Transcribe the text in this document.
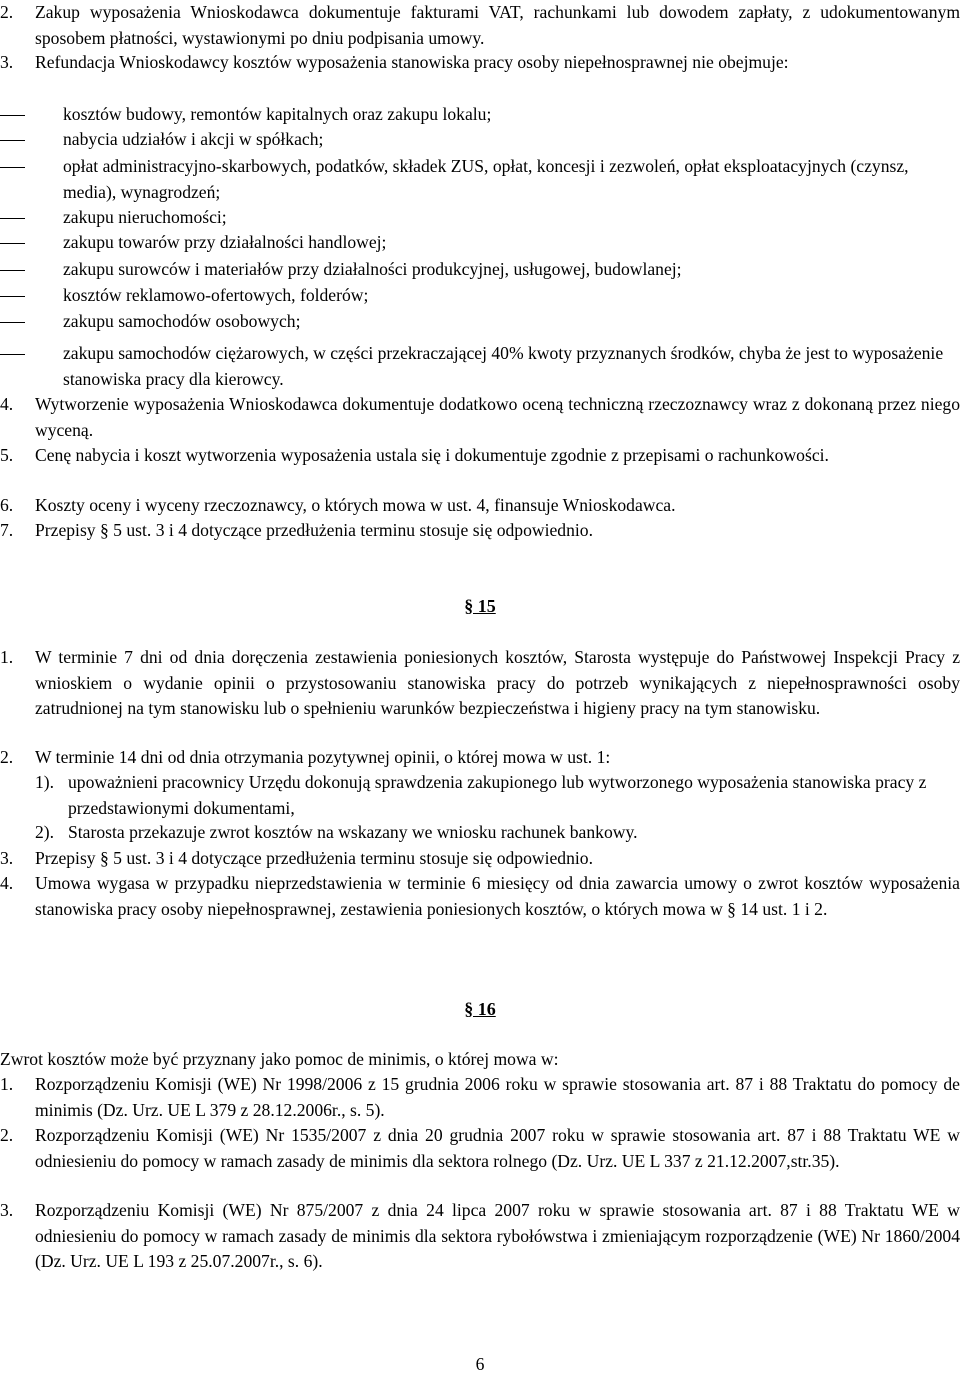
2.	Zakup wyposażenia Wnioskodawca dokumentuje fakturami VAT, rachunkami lub dowodem zapłaty, z udokumentowanym sposobem płatności, wystawionymi po dniu podpisania umowy.
3.	Refundacja Wnioskodawcy kosztów wyposażenia stanowiska pracy osoby niepełnosprawnej nie obejmuje:
kosztów budowy, remontów kapitalnych oraz zakupu lokalu;
nabycia udziałów i akcji w spółkach;
opłat administracyjno-skarbowych, podatków, składek ZUS, opłat, koncesji i zezwoleń, opłat eksploatacyjnych (czynsz, media), wynagrodzeń;
zakupu nieruchomości;
zakupu towarów przy działalności handlowej;
zakupu surowców i materiałów przy działalności produkcyjnej, usługowej, budowlanej;
kosztów reklamowo-ofertowych, folderów;
zakupu samochodów osobowych;
zakupu samochodów ciężarowych, w części przekraczającej 40% kwoty przyznanych środków, chyba że jest to wyposażenie stanowiska pracy dla kierowcy.
4.	Wytworzenie wyposażenia Wnioskodawca dokumentuje dodatkowo oceną techniczną rzeczoznawcy wraz z dokonaną przez niego wyceną.
5.	Cenę nabycia i koszt wytworzenia wyposażenia ustala się i dokumentuje zgodnie z przepisami o rachunkowości.
6.	Koszty oceny i wyceny rzeczoznawcy, o których mowa w ust. 4, finansuje Wnioskodawca.
7.	Przepisy § 5 ust. 3 i 4 dotyczące przedłużenia terminu stosuje się odpowiednio.
§ 15
1.	W terminie 7 dni od dnia doręczenia zestawienia poniesionych kosztów, Starosta występuje do Państwowej Inspekcji Pracy z wnioskiem o wydanie opinii o przystosowaniu stanowiska pracy do potrzeb wynikających z niepełnosprawności osoby zatrudnionej na tym stanowisku lub o spełnieniu warunków bezpieczeństwa i higieny pracy na tym stanowisku.
2.	W terminie 14 dni od dnia otrzymania pozytywnej opinii, o której mowa w ust. 1:
1). upoważnieni pracownicy Urzędu dokonują sprawdzenia zakupionego lub wytworzonego wyposażenia stanowiska pracy z przedstawionymi dokumentami,
2). Starosta przekazuje zwrot kosztów na wskazany we wniosku rachunek bankowy.
3.	Przepisy § 5 ust. 3 i 4 dotyczące przedłużenia terminu stosuje się odpowiednio.
4.	Umowa wygasa w przypadku nieprzedstawienia w terminie 6 miesięcy od dnia zawarcia umowy o zwrot kosztów wyposażenia stanowiska pracy osoby niepełnosprawnej, zestawienia poniesionych kosztów, o których mowa w § 14 ust. 1 i 2.
§ 16
Zwrot kosztów może być przyznany jako pomoc de minimis, o której mowa w:
1.	Rozporządzeniu Komisji (WE) Nr 1998/2006 z 15 grudnia 2006 roku w sprawie stosowania art. 87 i 88 Traktatu do pomocy de minimis (Dz. Urz. UE L 379 z 28.12.2006r., s. 5).
2.	Rozporządzeniu Komisji (WE) Nr 1535/2007 z dnia 20 grudnia 2007 roku w sprawie stosowania art. 87 i 88 Traktatu WE w odniesieniu do pomocy w ramach zasady de minimis dla sektora rolnego (Dz. Urz. UE L 337 z 21.12.2007,str.35).
3.	Rozporządzeniu Komisji (WE) Nr 875/2007 z dnia 24 lipca 2007 roku w sprawie stosowania art. 87 i 88 Traktatu WE w odniesieniu do pomocy w ramach zasady de minimis dla sektora rybołówstwa i zmieniającym rozporządzenie (WE) Nr 1860/2004 (Dz. Urz. UE L 193 z 25.07.2007r., s. 6).
6
